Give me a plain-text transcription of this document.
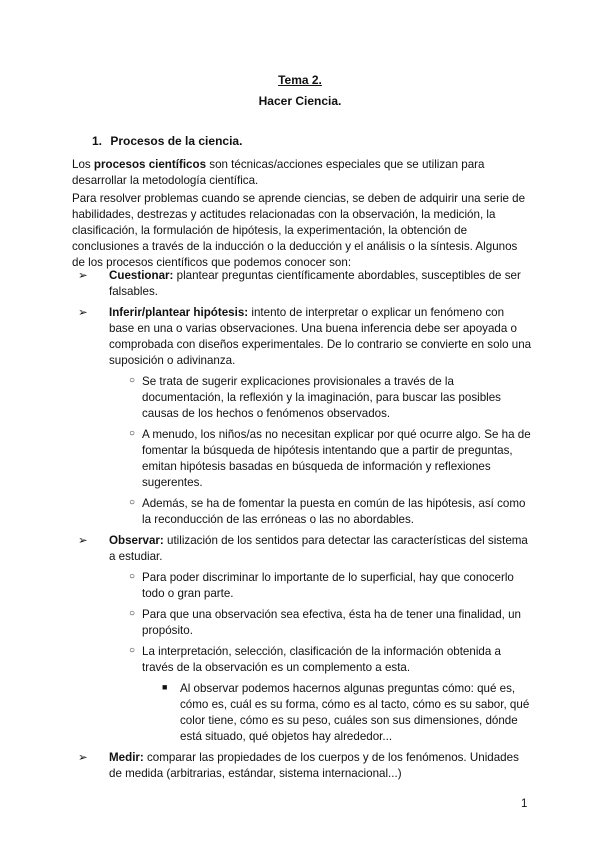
Tema 2.
Hacer Ciencia.
1. Procesos de la ciencia.
Los procesos científicos son técnicas/acciones especiales que se utilizan para desarrollar la metodología científica.
Para resolver problemas cuando se aprende ciencias, se deben de adquirir una serie de habilidades, destrezas y actitudes relacionadas con la observación, la medición, la clasificación, la formulación de hipótesis, la experimentación, la obtención de conclusiones a través de la inducción o la deducción y el análisis o la síntesis. Algunos de los procesos científicos que podemos conocer son:
➢ Cuestionar: plantear preguntas científicamente abordables, susceptibles de ser falsables.
➢ Inferir/plantear hipótesis: intento de interpretar o explicar un fenómeno con base en una o varias observaciones. Una buena inferencia debe ser apoyada o comprobada con diseños experimentales. De lo contrario se convierte en solo una suposición o adivinanza.
○ Se trata de sugerir explicaciones provisionales a través de la documentación, la reflexión y la imaginación, para buscar las posibles causas de los hechos o fenómenos observados.
○ A menudo, los niños/as no necesitan explicar por qué ocurre algo. Se ha de fomentar la búsqueda de hipótesis intentando que a partir de preguntas, emitan hipótesis basadas en búsqueda de información y reflexiones sugerentes.
○ Además, se ha de fomentar la puesta en común de las hipótesis, así como la reconducción de las erróneas o las no abordables.
➢ Observar: utilización de los sentidos para detectar las características del sistema a estudiar.
○ Para poder discriminar lo importante de lo superficial, hay que conocerlo todo o gran parte.
○ Para que una observación sea efectiva, ésta ha de tener una finalidad, un propósito.
○ La interpretación, selección, clasificación de la información obtenida a través de la observación es un complemento a esta.
■ Al observar podemos hacernos algunas preguntas cómo: qué es, cómo es, cuál es su forma, cómo es al tacto, cómo es su sabor, qué color tiene, cómo es su peso, cuáles son sus dimensiones, dónde está situado, qué objetos hay alrededor...
➢ Medir: comparar las propiedades de los cuerpos y de los fenómenos. Unidades de medida (arbitrarias, estándar, sistema internacional...)
1
